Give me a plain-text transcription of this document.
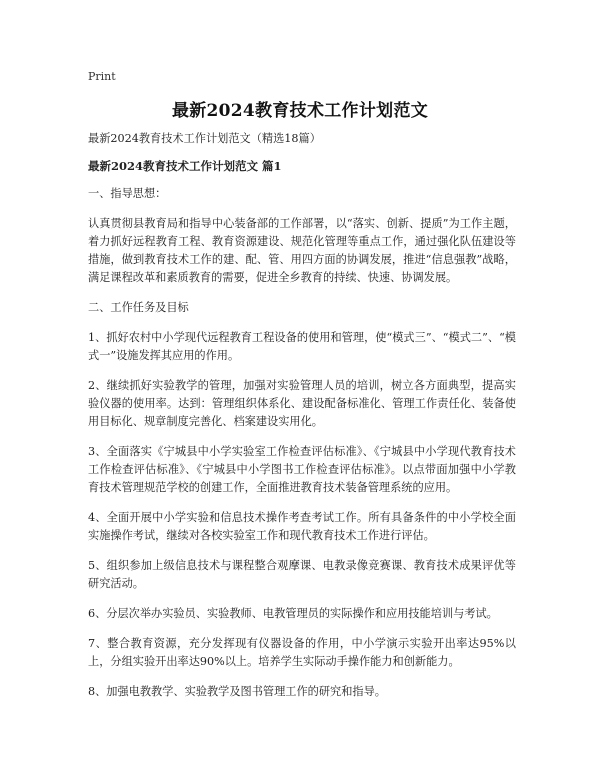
Print
最新2024教育技术工作计划范文

最新2024教育技术工作计划范文（精选18篇）

最新2024教育技术工作计划范文 篇1

一、指导思想：

认真贯彻县教育局和指导中心装备部的工作部署，以“落实、创新、提质”为工作主题，着力抓好远程教育工程、教育资源建设、规范化管理等重点工作，通过强化队伍建设等措施，做到教育技术工作的建、配、管、用四方面的协调发展，推进“信息强教”战略，满足课程改革和素质教育的需要，促进全乡教育的持续、快速、协调发展。

二、工作任务及目标

1、抓好农村中小学现代远程教育工程设备的使用和管理，使“模式三”、“模式二”、“模式一”设施发挥其应用的作用。

2、继续抓好实验教学的管理，加强对实验管理人员的培训，树立各方面典型，提高实验仪器的使用率。达到：管理组织体系化、建设配备标准化、管理工作责任化、装备使用目标化、规章制度完善化、档案建设实用化。

3、全面落实《宁城县中小学实验室工作检查评估标准》、《宁城县中小学现代教育技术工作检查评估标准》、《宁城县中小学图书工作检查评估标准》。以点带面加强中小学教育技术管理规范学校的创建工作，全面推进教育技术装备管理系统的应用。

4、全面开展中小学实验和信息技术操作考查考试工作。所有具备条件的中小学校全面实施操作考试，继续对各校实验室工作和现代教育技术工作进行评估。

5、组织参加上级信息技术与课程整合观摩课、电教录像竞赛课、教育技术成果评优等研究活动。

6、分层次举办实验员、实验教师、电教管理员的实际操作和应用技能培训与考试。

7、整合教育资源，充分发挥现有仪器设备的作用，中小学演示实验开出率达95%以上，分组实验开出率达90%以上。培养学生实际动手操作能力和创新能力。

8、加强电教教学、实验教学及图书管理工作的研究和指导。
